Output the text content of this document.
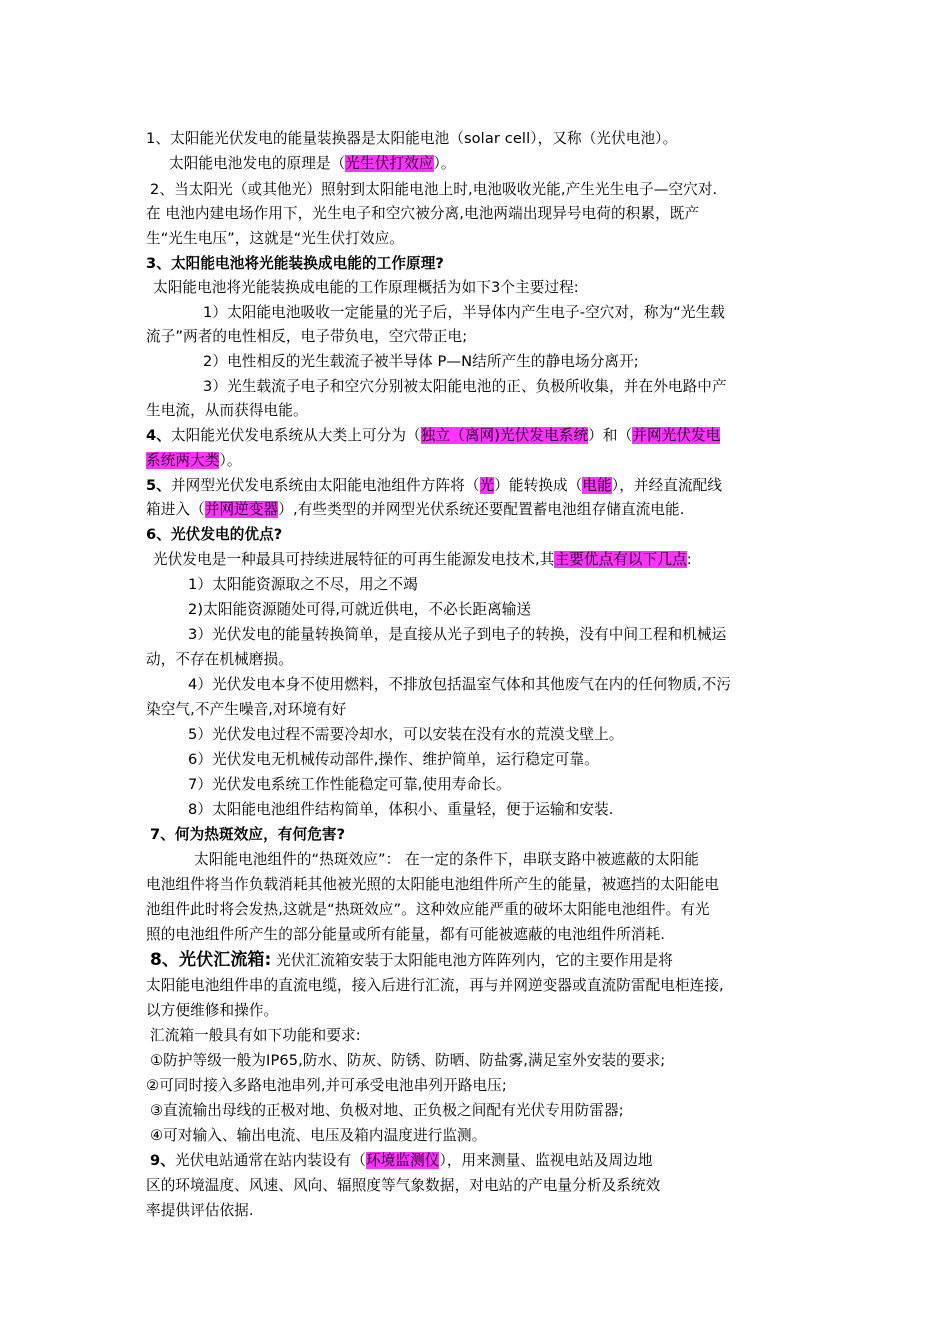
1、太阳能光伏发电的能量装换器是太阳能电池（solar cell），又称（光伏电池）。
太阳能电池发电的原理是（光生伏打效应）。
2、当太阳光（或其他光）照射到太阳能电池上时,电池吸收光能,产生光生电子—空穴对.
在 电池内建电场作用下，光生电子和空穴被分离,电池两端出现异号电荷的积累，既产
生“光生电压”，这就是“光生伏打效应。
3、太阳能电池将光能装换成电能的工作原理?
太阳能电池将光能装换成电能的工作原理概括为如下3个主要过程:
1）太阳能电池吸收一定能量的光子后，半导体内产生电子-空穴对，称为“光生载
流子”两者的电性相反，电子带负电，空穴带正电;
2）电性相反的光生载流子被半导体 P—N结所产生的静电场分离开;
3）光生载流子电子和空穴分别被太阳能电池的正、负极所收集，并在外电路中产
生电流，从而获得电能。
4、太阳能光伏发电系统从大类上可分为（独立（离网)光伏发电系统）和（并网光伏发电
系统两大类）。
5、并网型光伏发电系统由太阳能电池组件方阵将（光）能转换成（电能），并经直流配线
箱进入（并网逆变器）,有些类型的并网型光伏系统还要配置蓄电池组存储直流电能.
6、光伏发电的优点?
光伏发电是一种最具可持续进展特征的可再生能源发电技术,其主要优点有以下几点:
1）太阳能资源取之不尽，用之不竭
2)太阳能资源随处可得,可就近供电，不必长距离输送
3）光伏发电的能量转换简单，是直接从光子到电子的转换，没有中间工程和机械运
动，不存在机械磨损。
4）光伏发电本身不使用燃料，不排放包括温室气体和其他废气在内的任何物质,不污
染空气,不产生噪音,对环境有好
5）光伏发电过程不需要冷却水，可以安装在没有水的荒漠戈壁上。
6）光伏发电无机械传动部件,操作、维护简单，运行稳定可靠。
7）光伏发电系统工作性能稳定可靠,使用寿命长。
8）太阳能电池组件结构简单，体积小、重量轻，便于运输和安装.
7、何为热斑效应，有何危害?
太阳能电池组件的“热斑效应”： 在一定的条件下，串联支路中被遮蔽的太阳能
电池组件将当作负载消耗其他被光照的太阳能电池组件所产生的能量，被遮挡的太阳能电
池组件此时将会发热,这就是“热斑效应”。这种效应能严重的破坏太阳能电池组件。有光
照的电池组件所产生的部分能量或所有能量，都有可能被遮蔽的电池组件所消耗.
8、光伏汇流箱: 光伏汇流箱安装于太阳能电池方阵阵列内，它的主要作用是将
太阳能电池组件串的直流电缆，接入后进行汇流，再与并网逆变器或直流防雷配电柜连接,
以方便维修和操作。
汇流箱一般具有如下功能和要求:
①防护等级一般为IP65,防水、防灰、防锈、防晒、防盐雾,满足室外安装的要求;
②可同时接入多路电池串列,并可承受电池串列开路电压;
③直流输出母线的正极对地、负极对地、正负极之间配有光伏专用防雷器;
④可对输入、输出电流、电压及箱内温度进行监测。
9、光伏电站通常在站内装设有（环境监测仪），用来测量、监视电站及周边地
区的环境温度、风速、风向、辐照度等气象数据，对电站的产电量分析及系统效
率提供评估依据.
